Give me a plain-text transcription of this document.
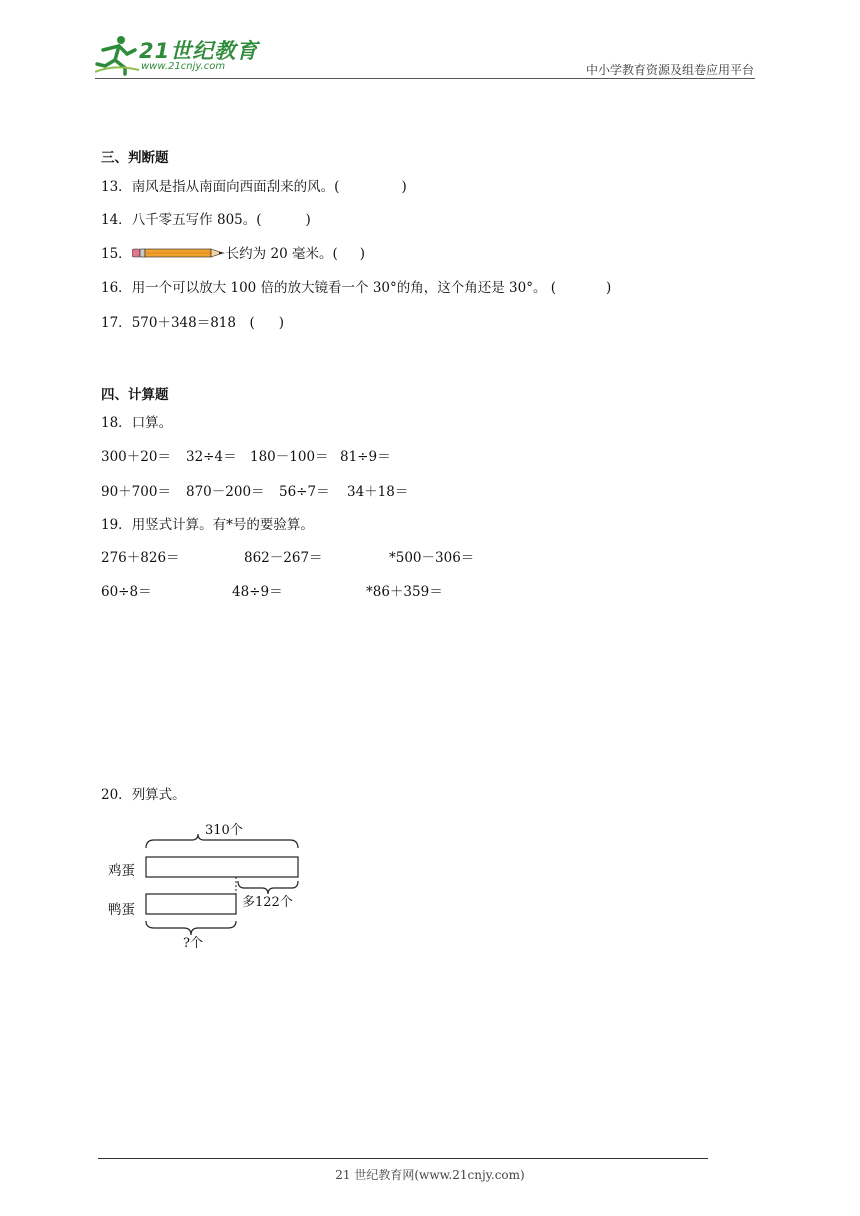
21世纪教育
www.21cnjy.com	中小学教育资源及组卷应用平台
三、判断题
13．南风是指从南面向西面刮来的风。(	)
14．八千零五写作 805。(	)
15．	长约为 20 毫米。( )
16．用一个可以放大 100 倍的放大镜看一个 30°的角，这个角还是 30°。 (	)
17．570＋348＝818　( )
四、计算题
18．口算。
300＋20＝ 32÷4＝ 180－100＝ 81÷9＝
90＋700＝ 870－200＝ 56÷7＝ 34＋18＝
19．用竖式计算。有*号的要验算。
276＋826＝	862－267＝	*500－306＝
60÷8＝	48÷9＝	*86＋359＝
20．列算式。
310个
鸡蛋
鸭蛋	多122个
?个
21 世纪教育网(www.21cnjy.com)
